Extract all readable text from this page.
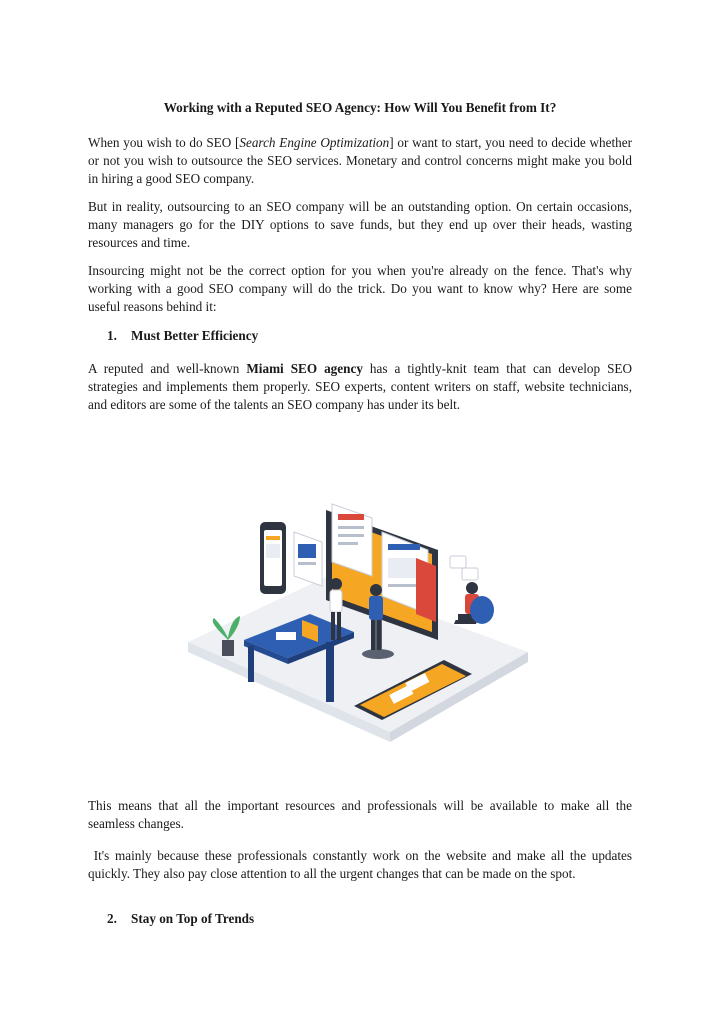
Working with a Reputed SEO Agency: How Will You Benefit from It?

When you wish to do SEO [Search Engine Optimization] or want to start, you need to decide whether or not you wish to outsource the SEO services. Monetary and control concerns might make you bold in hiring a good SEO company.

But in reality, outsourcing to an SEO company will be an outstanding option. On certain occasions, many managers go for the DIY options to save funds, but they end up over their heads, wasting resources and time.

Insourcing might not be the correct option for you when you're already on the fence. That's why working with a good SEO company will do the trick. Do you want to know why? Here are some useful reasons behind it:

1. Must Better Efficiency

A reputed and well-known Miami SEO agency has a tightly-knit team that can develop SEO strategies and implements them properly. SEO experts, content writers on staff, website technicians, and editors are some of the talents an SEO company has under its belt.

This means that all the important resources and professionals will be available to make all the seamless changes.

It's mainly because these professionals constantly work on the website and make all the updates quickly. They also pay close attention to all the urgent changes that can be made on the spot.

2. Stay on Top of Trends
